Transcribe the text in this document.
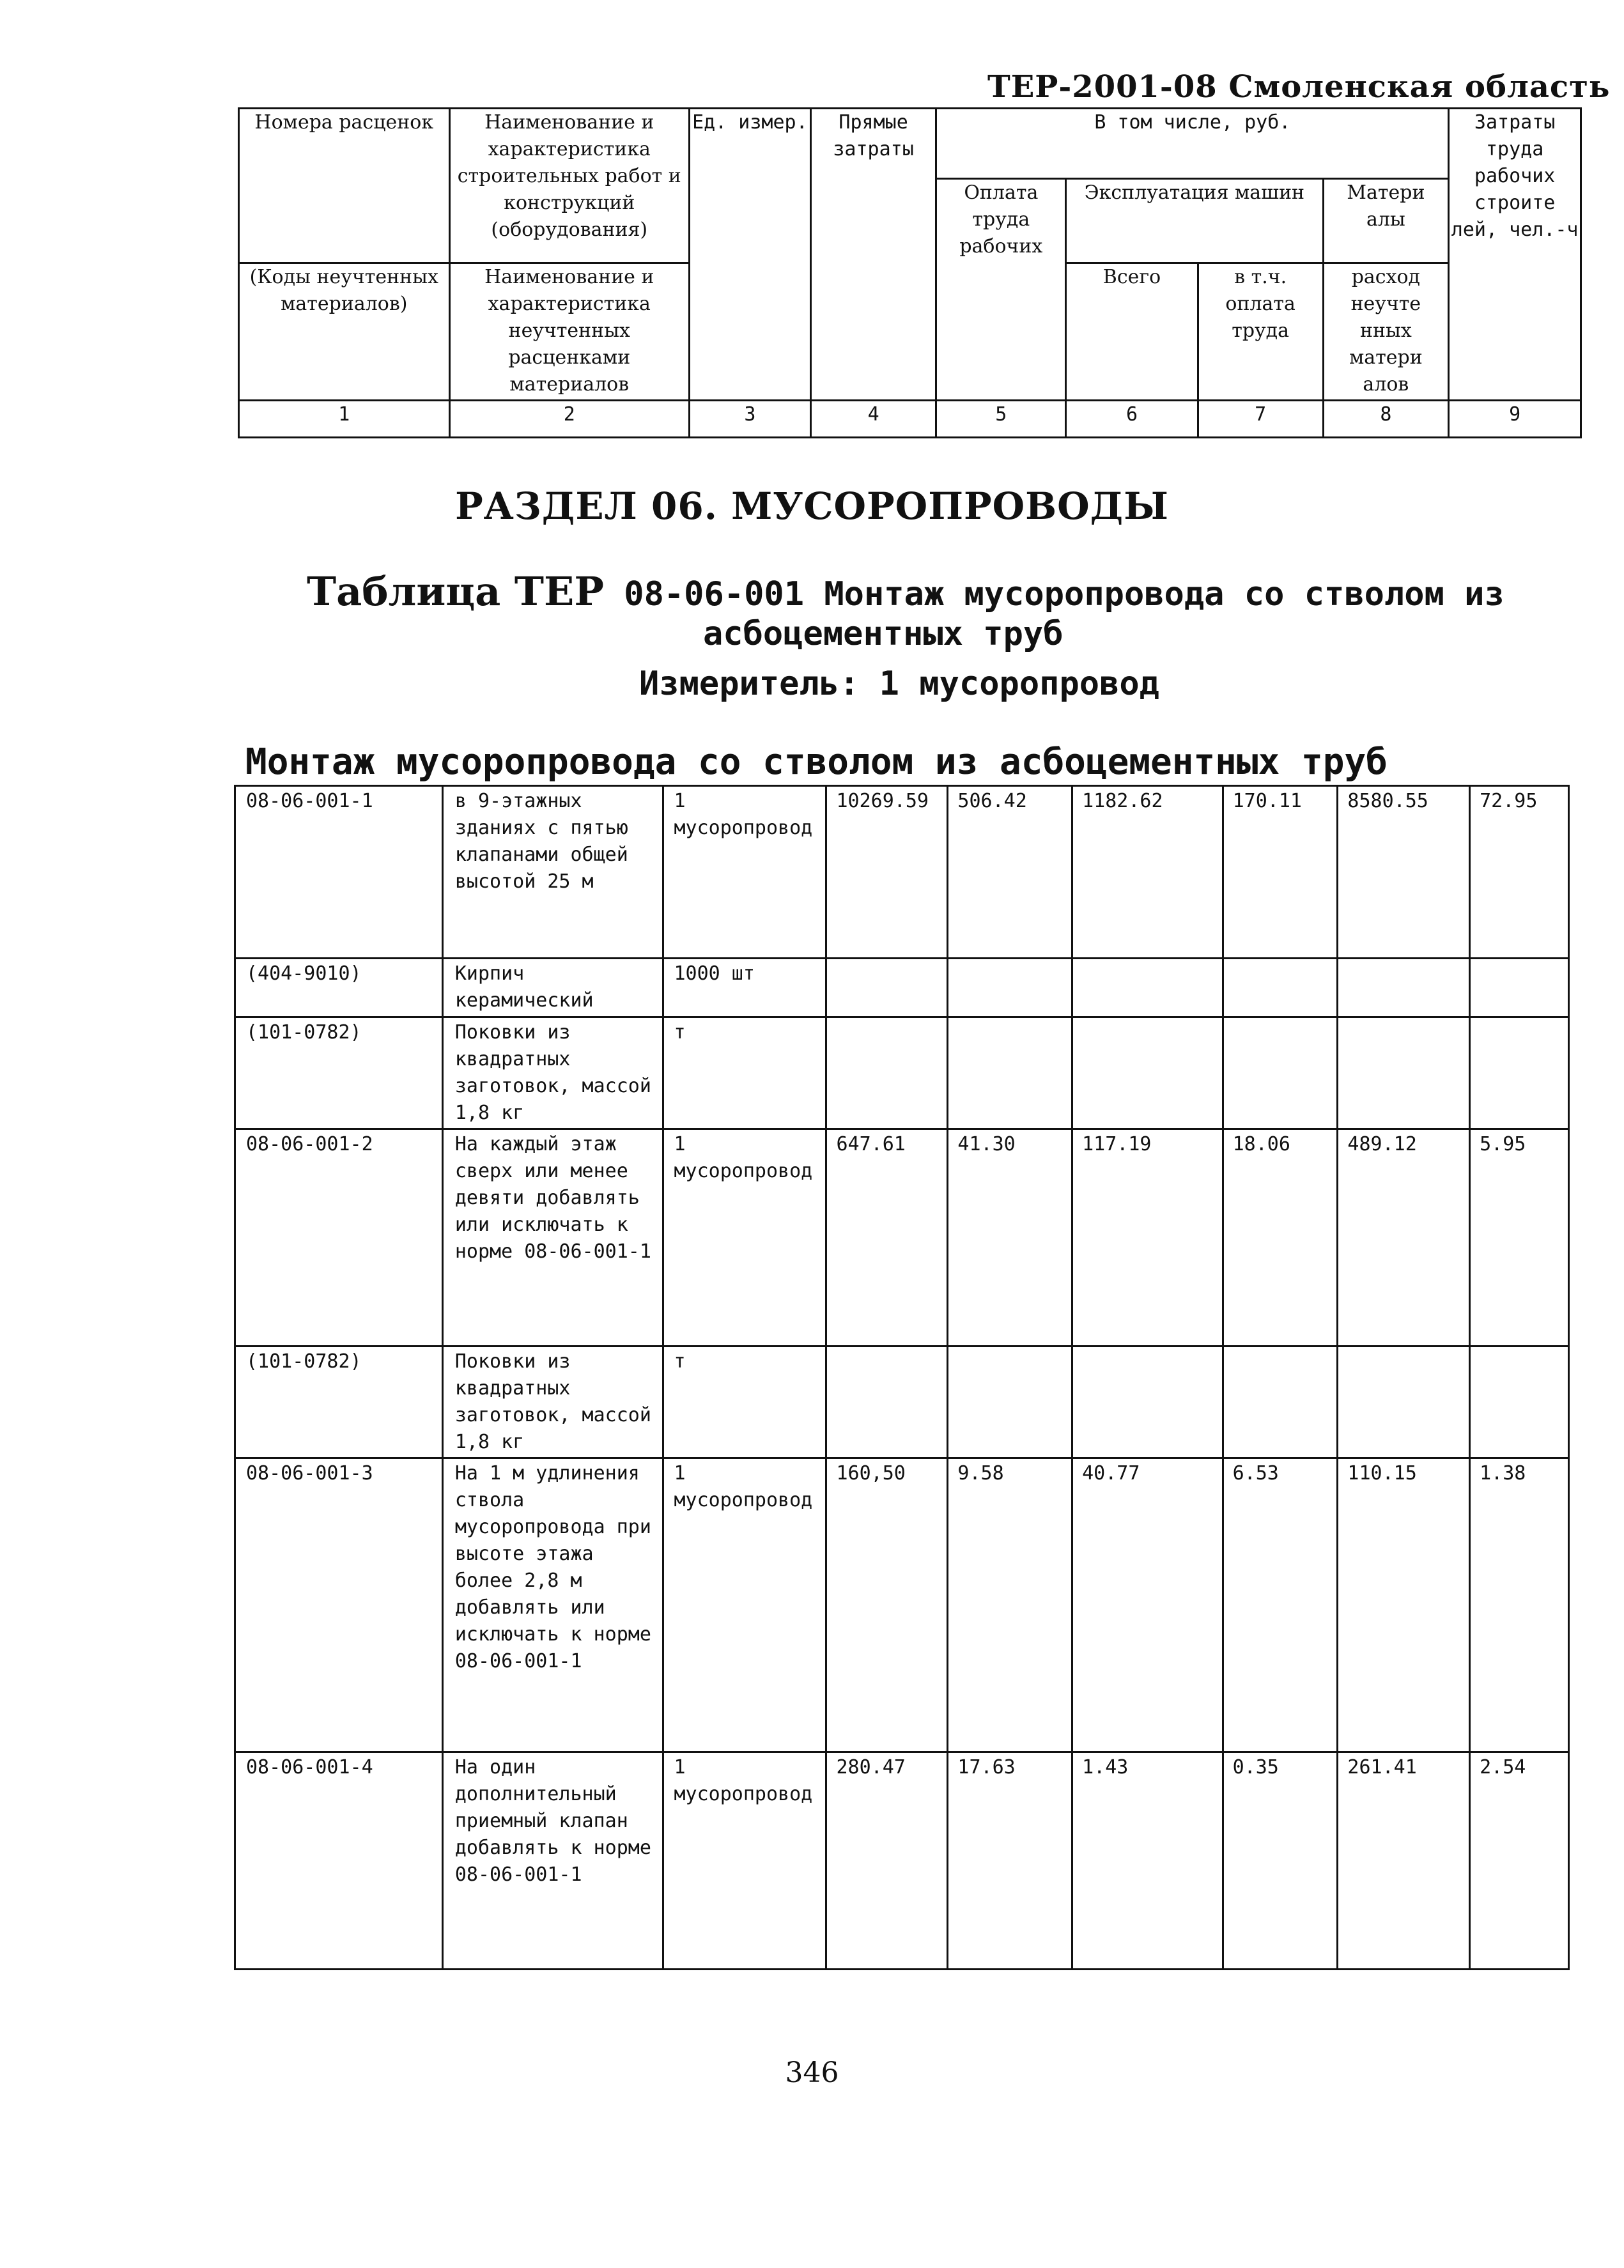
ТЕР-2001-08 Смоленская область
Номера расценок	Наименование и характеристика строительных работ и конструкций (оборудования)	Ед. измер.	Прямые затраты	В том числе, руб.				Затраты труда рабочих строите лей, чел.-ч
				Оплата труда рабочих	Эксплуатация машин		Матери алы	
(Коды неучтенных материалов)	Наименование и характеристика неучтенных расценками материалов				Всего	в т.ч. оплата труда	расход неучте нных матери алов	
1	2	3	4	5	6	7	8	9
РАЗДЕЛ 06. МУСОРОПРОВОДЫ
Таблица ТЕР 08-06-001 Монтаж мусоропровода со стволом из
асбоцементных труб
Измеритель: 1 мусоропровод
Монтаж мусоропровода со стволом из асбоцементных труб
08-06-001-1	в 9-этажных зданиях с пятью клапанами общей высотой 25 м	1 мусоропровод	10269.59	506.42	1182.62	170.11	8580.55	72.95
(404-9010)	Кирпич керамический	1000 шт						
(101-0782)	Поковки из квадратных заготовок, массой 1,8 кг	т						
08-06-001-2	На каждый этаж сверх или менее девяти добавлять или исключать к норме 08-06-001-1	1 мусоропровод	647.61	41.30	117.19	18.06	489.12	5.95
(101-0782)	Поковки из квадратных заготовок, массой 1,8 кг	т						
08-06-001-3	На 1 м удлинения ствола мусоропровода при высоте этажа более 2,8 м добавлять или исключать к норме 08-06-001-1	1 мусоропровод	160,50	9.58	40.77	6.53	110.15	1.38
08-06-001-4	На один дополнительный приемный клапан добавлять к норме 08-06-001-1	1 мусоропровод	280.47	17.63	1.43	0.35	261.41	2.54
346
